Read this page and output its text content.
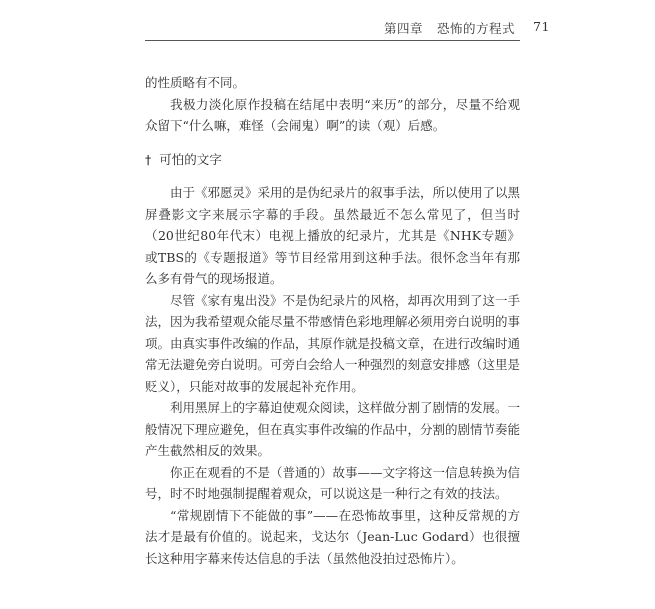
第四章 恐怖的方程式 71

的性质略有不同。

我极力淡化原作投稿在结尾中表明“来历”的部分，尽量不给观众留下“什么嘛，难怪（会闹鬼）啊”的读（观）后感。

† 可怕的文字

由于《邪愿灵》采用的是伪纪录片的叙事手法，所以使用了以黑屏叠影文字来展示字幕的手段。虽然最近不怎么常见了，但当时（20世纪80年代末）电视上播放的纪录片，尤其是《NHK专题》或TBS的《专题报道》等节目经常用到这种手法。很怀念当年有那么多有骨气的现场报道。

尽管《家有鬼出没》不是伪纪录片的风格，却再次用到了这一手法，因为我希望观众能尽量不带感情色彩地理解必须用旁白说明的事项。由真实事件改编的作品，其原作就是投稿文章，在进行改编时通常无法避免旁白说明。可旁白会给人一种强烈的刻意安排感（这里是贬义），只能对故事的发展起补充作用。

利用黑屏上的字幕迫使观众阅读，这样做分割了剧情的发展。一般情况下理应避免，但在真实事件改编的作品中，分割的剧情节奏能产生截然相反的效果。

你正在观看的不是（普通的）故事——文字将这一信息转换为信号，时不时地强制提醒着观众，可以说这是一种行之有效的技法。

“常规剧情下不能做的事”——在恐怖故事里，这种反常规的方法才是最有价值的。说起来，戈达尔（Jean-Luc Godard）也很擅长这种用字幕来传达信息的手法（虽然他没拍过恐怖片）。
